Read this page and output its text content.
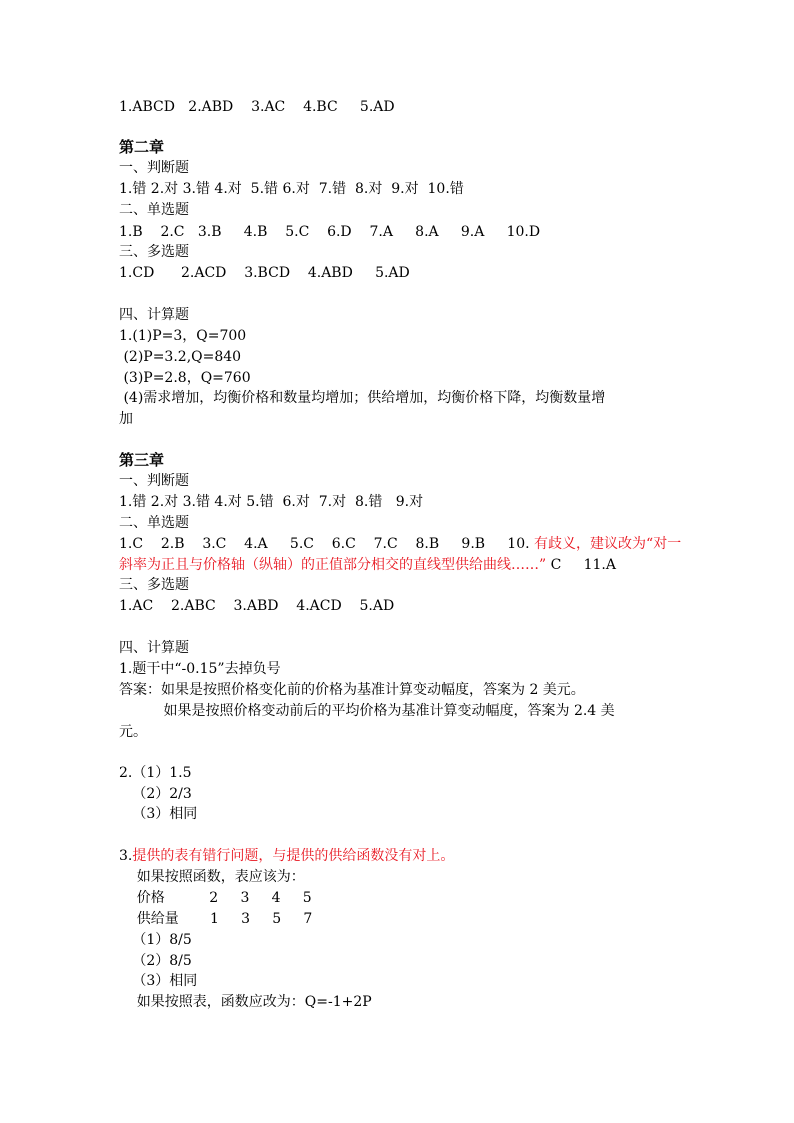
1.ABCD   2.ABD    3.AC    4.BC     5.AD
第二章
一、判断题
1.错 2.对 3.错 4.对  5.错 6.对  7.错  8.对  9.对  10.错
二、单选题
1.B    2.C   3.B     4.B    5.C    6.D    7.A     8.A     9.A     10.D
三、多选题
1.CD      2.ACD    3.BCD    4.ABD     5.AD
四、计算题
1.(1)P=3，Q=700
(2)P=3.2,Q=840
(3)P=2.8，Q=760
(4)需求增加，均衡价格和数量均增加；供给增加，均衡价格下降，均衡数量增
加
第三章
一、判断题
1.错 2.对 3.错 4.对 5.错  6.对  7.对  8.错   9.对
二、单选题
1.C    2.B    3.C    4.A     5.C    6.C    7.C    8.B     9.B     10. 有歧义，建议改为“对一
斜率为正且与价格轴（纵轴）的正值部分相交的直线型供给曲线……” C     11.A
三、多选题
1.AC    2.ABC    3.ABD    4.ACD    5.AD
四、计算题
1.题干中“-0.15”去掉负号
答案：如果是按照价格变化前的价格为基准计算变动幅度，答案为 2 美元。
如果是按照价格变动前后的平均价格为基准计算变动幅度，答案为 2.4 美
元。
2.（1）1.5
（2）2/3
（3）相同
3.提供的表有错行问题，与提供的供给函数没有对上。
如果按照函数，表应该为：
价格          2     3     4     5
供给量       1     3     5     7
（1）8/5
（2）8/5
（3）相同
如果按照表，函数应改为：Q=-1+2P
